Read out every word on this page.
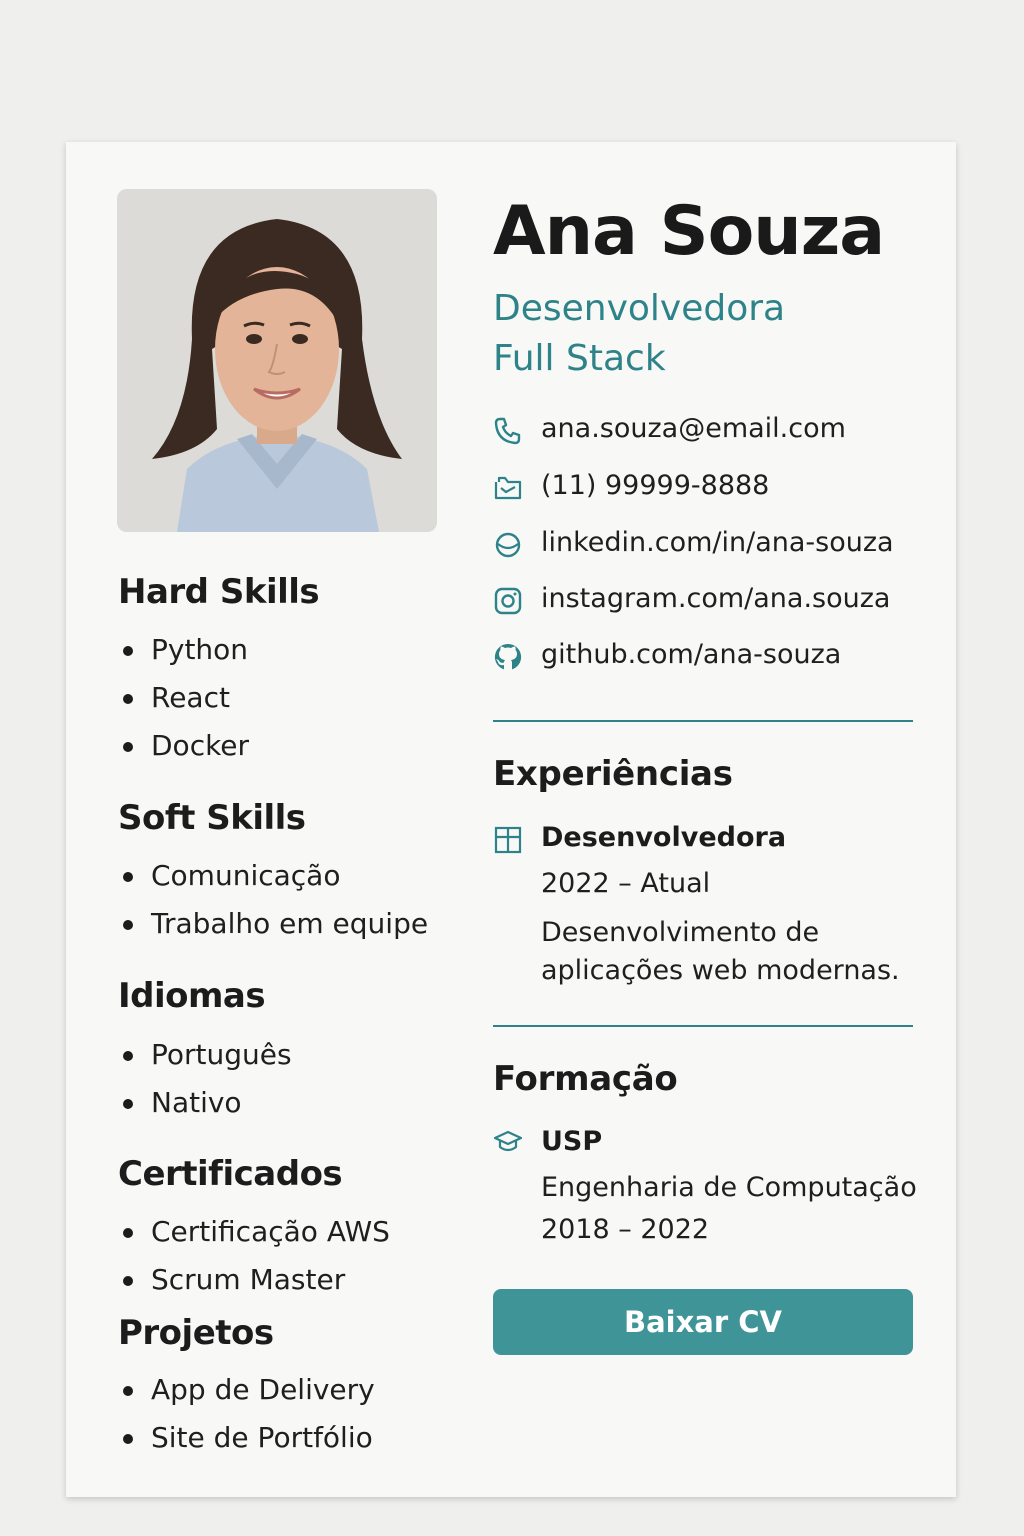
Hard Skills
Python
React
Docker
Soft Skills
Comunicação
Trabalho em equipe
Idiomas
Português
Nativo
Certificados
Certificação AWS
Scrum Master
Projetos
App de Delivery
Site de Portfólio
Ana Souza
Desenvolvedora
Full Stack
ana.souza@email.com
(11) 99999-8888
linkedin.com/in/ana-souza
instagram.com/ana.souza
github.com/ana-souza
Experiências
Desenvolvedora
2022 – Atual
Desenvolvimento de aplicações web modernas.
Formação
USP
Engenharia de Computação
2018 – 2022
Baixar CV
